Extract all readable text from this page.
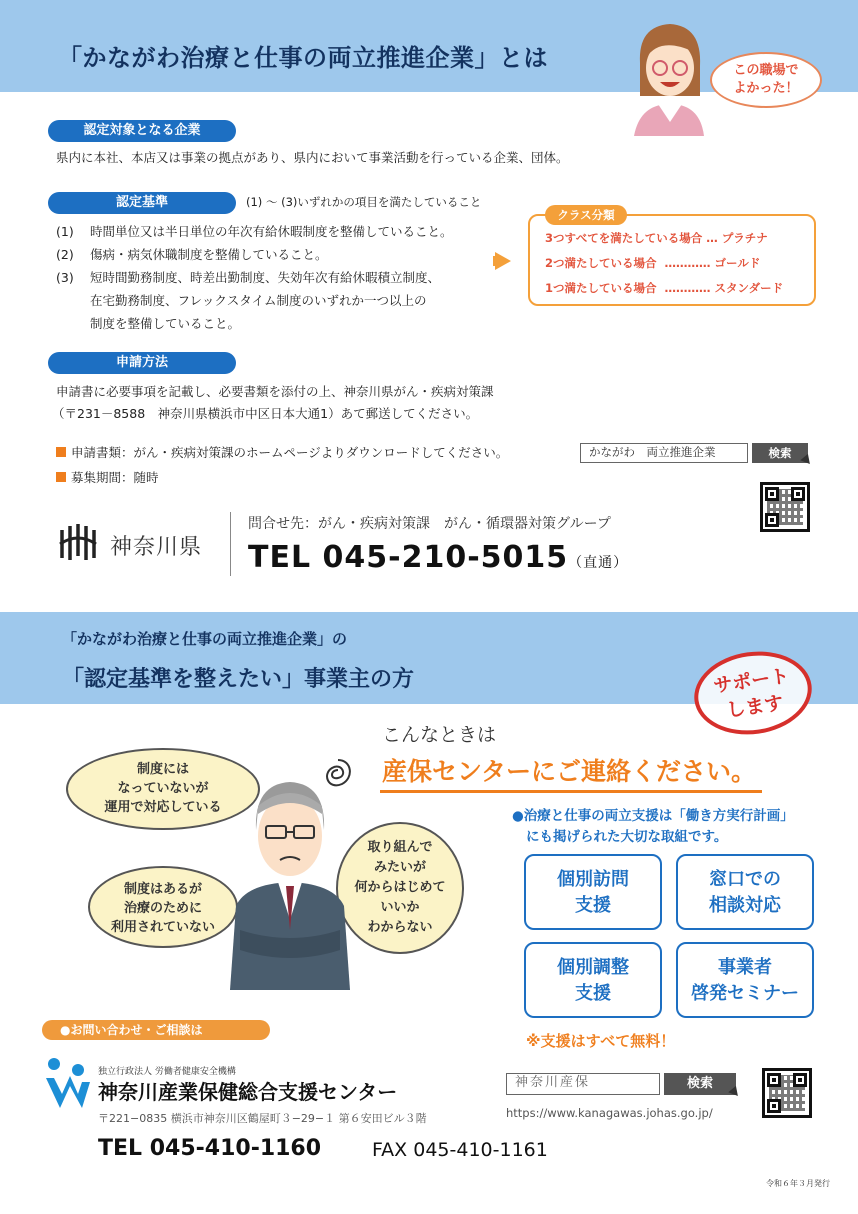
「かながわ治療と仕事の両立推進企業」とは	この職場で
よかった！
認定対象となる企業
県内に本社、本店又は事業の拠点があり、県内において事業活動を行っている企業、団体。
認定基準	(1) ～ (3)いずれかの項目を満たしていること
(1) 時間単位又は半日単位の年次有給休暇制度を整備していること。
(2) 傷病・病気休職制度を整備していること。
(3) 短時間勤務制度、時差出勤制度、失効年次有給休暇積立制度、
在宅勤務制度、フレックスタイム制度のいずれか一つ以上の
制度を整備していること。
クラス分類
3つすべてを満たしている場合 … プラチナ
2つ満たしている場合 ………… ゴールド
1つ満たしている場合 ………… スタンダード
申請方法
申請書に必要事項を記載し、必要書類を添付の上、神奈川県がん・疾病対策課
（〒231－8588　神奈川県横浜市中区日本大通1）あて郵送してください。
申請書類：がん・疾病対策課のホームページよりダウンロードしてください。
募集期間：随時
かながわ　両立推進企業	検索
神奈川県
問合せ先：がん・疾病対策課　がん・循環器対策グループ
TEL 045-210-5015（直通）
「かながわ治療と仕事の両立推進企業」の
「認定基準を整えたい」事業主の方	サポート
します
こんなときは
産保センターにご連絡ください。
制度には
なっていないが
運用で対応している
制度はあるが
治療のために
利用されていない
取り組んで
みたいが
何からはじめて
いいか
わからない
●治療と仕事の両立支援は「働き方実行計画」
にも掲げられた大切な取組です。
個別訪問
支援
窓口での
相談対応
個別調整
支援
事業者
啓発セミナー
※支援はすべて無料！
●お問い合わせ・ご相談は
独立行政法人 労働者健康安全機構
神奈川産業保健総合支援センター
〒221−0835 横浜市神奈川区鶴屋町３−29−１ 第６安田ビル３階
TEL 045-410-1160	FAX 045-410-1161
神奈川産保	検索
https://www.kanagawas.johas.go.jp/
令和６年３月発行
